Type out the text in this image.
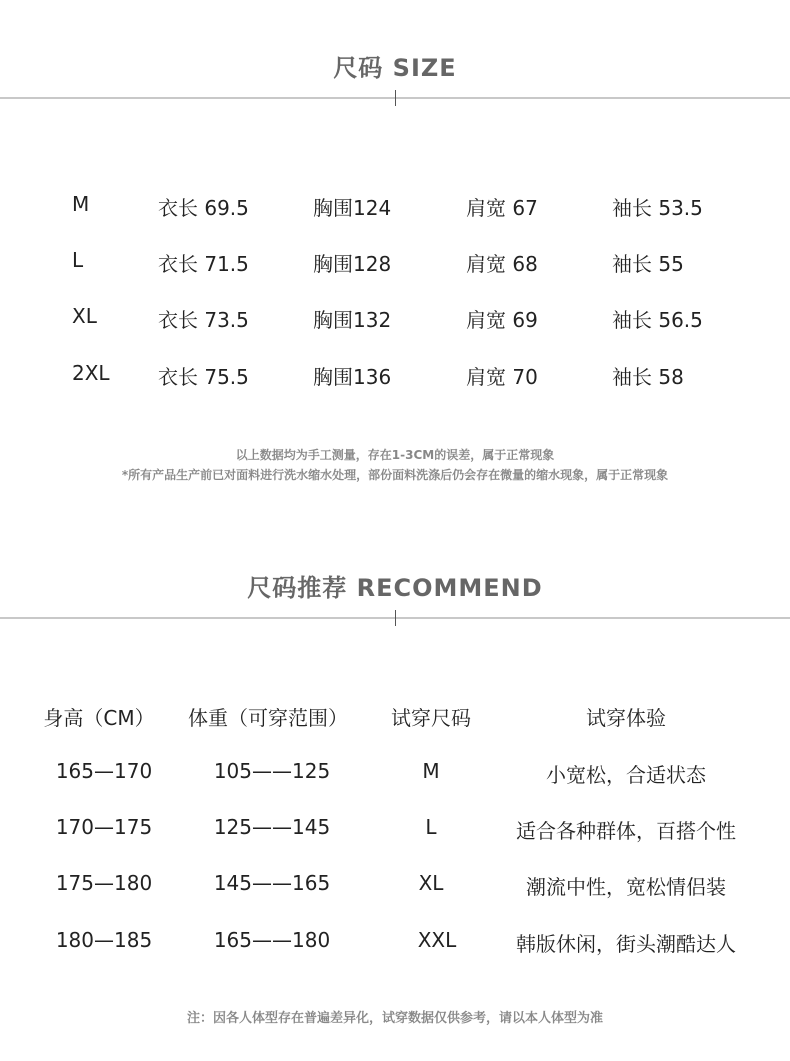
尺码 SIZE
M	衣长 69.5	胸围124	肩宽 67	袖长 53.5
L	衣长 71.5	胸围128	肩宽 68	袖长 55
XL	衣长 73.5	胸围132	肩宽 69	袖长 56.5
2XL 衣长 75.5	胸围136	肩宽 70	袖长 58
以上数据均为手工测量，存在1-3CM的误差，属于正常现象
*所有产品生产前已对面料进行洗水缩水处理，部份面料洗涤后仍会存在微量的缩水现象，属于正常现象
尺码推荐 RECOMMEND
身高（CM） 体重（可穿范围） 试穿尺码	试穿体验
165—170	105——125	M	小宽松，合适状态
170—175	125——145	L	适合各种群体，百搭个性
175—180	145——165	XL	潮流中性，宽松情侣装
180—185	165——180	XXL	韩版休闲，街头潮酷达人
注：因各人体型存在普遍差异化，试穿数据仅供参考，请以本人体型为准
